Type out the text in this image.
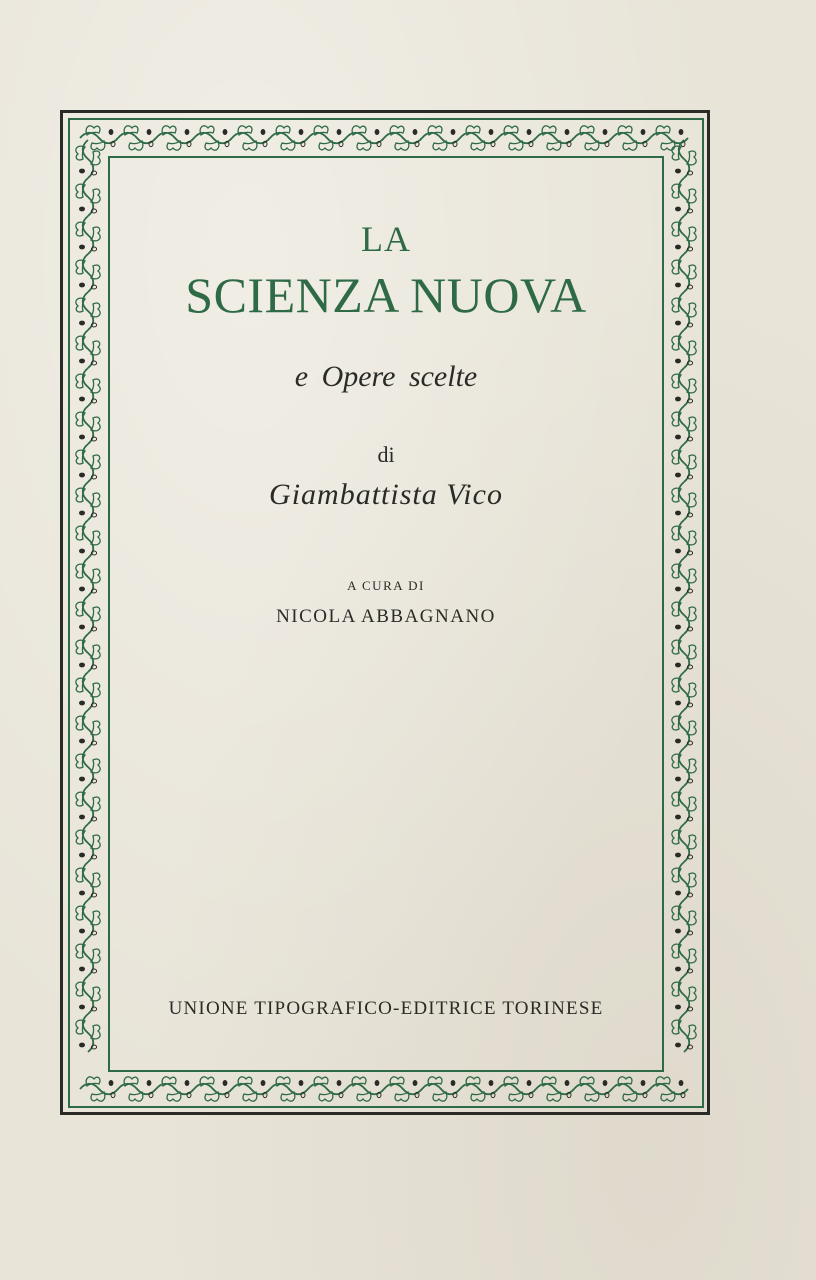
LA
SCIENZA NUOVA
e Opere scelte
di
Giambattista Vico
A CURA DI
NICOLA ABBAGNANO
UNIONE TIPOGRAFICO-EDITRICE TORINESE
